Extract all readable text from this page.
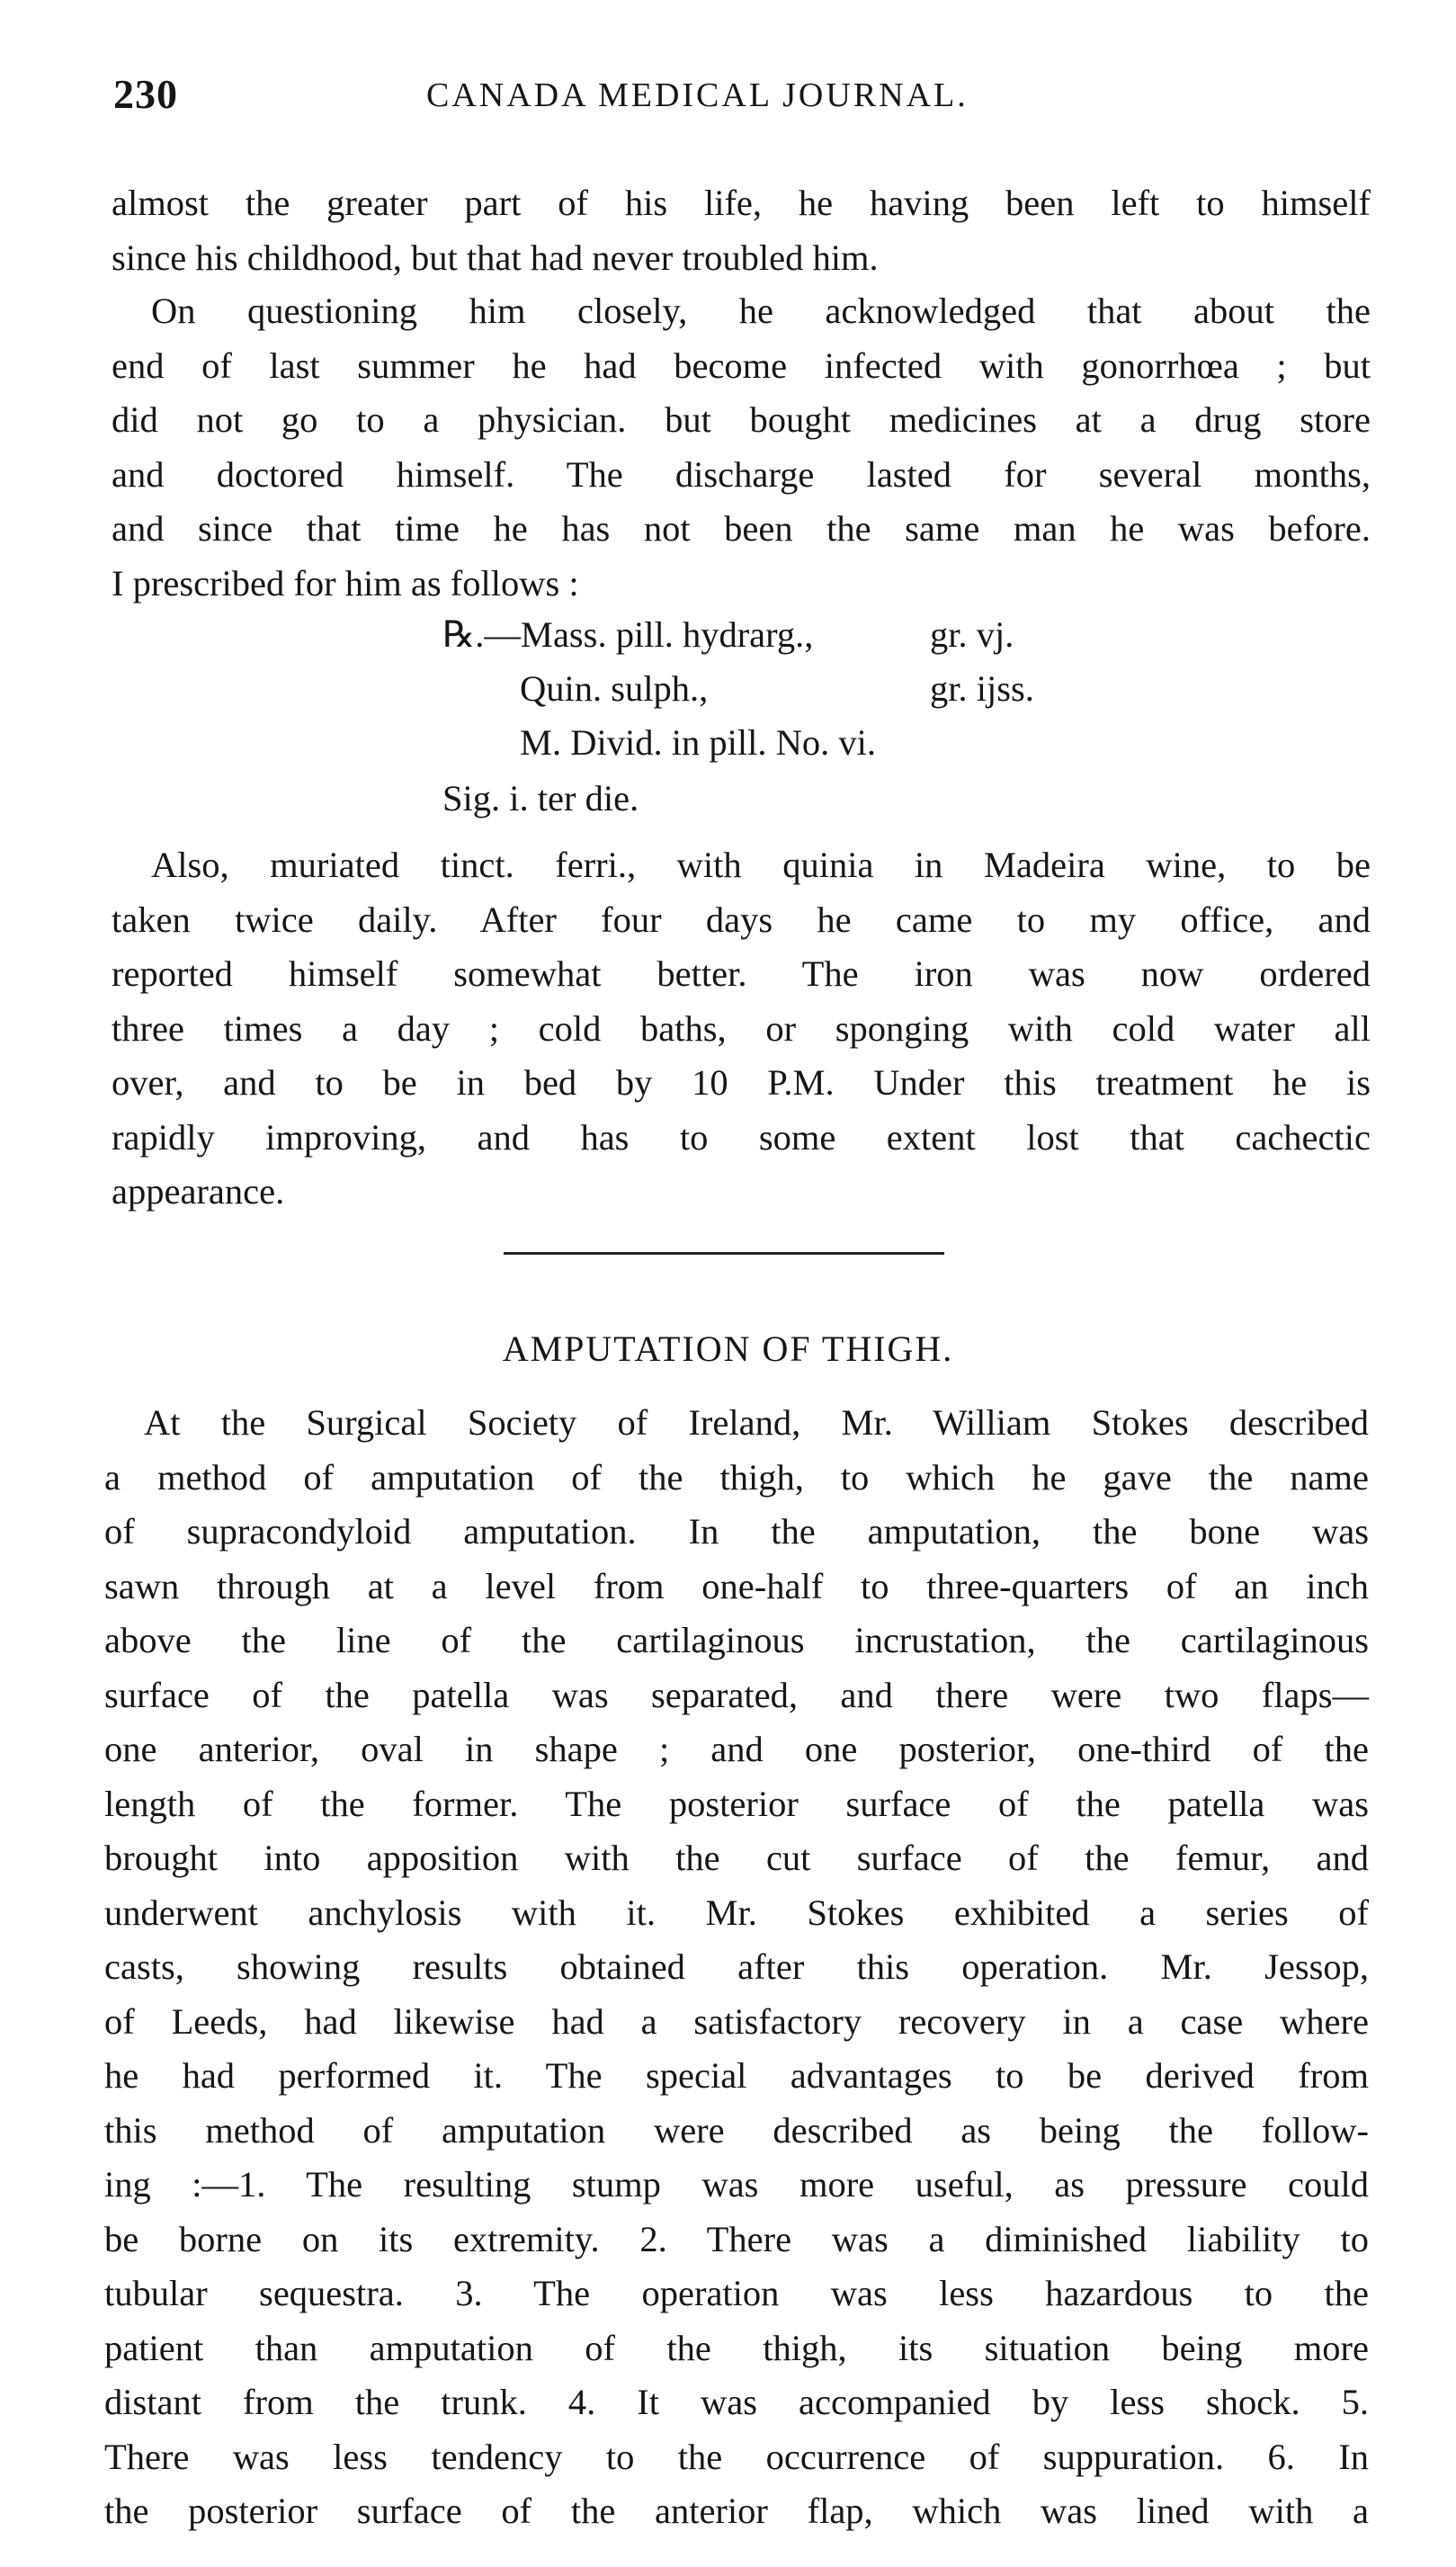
230	CANADA MEDICAL JOURNAL.

almost the greater part of his life, he having been left to himself
since his childhood, but that had never troubled him.

On questioning him closely, he acknowledged that about the
end of last summer he had become infected with gonorrhœa ; but
did not go to a physician. but bought medicines at a drug store
and doctored himself. The discharge lasted for several months,
and since that time he has not been the same man he was before.
I prescribed for him as follows :

℞.—Mass. pill. hydrarg.,	gr. vj.
Quin. sulph.,	gr. ijss.
M. Divid. in pill. No. vi.
Sig. i. ter die.

Also, muriated tinct. ferri., with quinia in Madeira wine, to be
taken twice daily. After four days he came to my office, and
reported himself somewhat better. The iron was now ordered
three times a day ; cold baths, or sponging with cold water all
over, and to be in bed by 10 P.M. Under this treatment he is
rapidly improving, and has to some extent lost that cachectic
appearance.

AMPUTATION OF THIGH.

At the Surgical Society of Ireland, Mr. William Stokes described
a method of amputation of the thigh, to which he gave the name
of supracondyloid amputation. In the amputation, the bone was
sawn through at a level from one-half to three-quarters of an inch
above the line of the cartilaginous incrustation, the cartilaginous
surface of the patella was separated, and there were two flaps—
one anterior, oval in shape ; and one posterior, one-third of the
length of the former. The posterior surface of the patella was
brought into apposition with the cut surface of the femur, and
underwent anchylosis with it. Mr. Stokes exhibited a series of
casts, showing results obtained after this operation. Mr. Jessop,
of Leeds, had likewise had a satisfactory recovery in a case where
he had performed it. The special advantages to be derived from
this method of amputation were described as being the follow-
ing :—1. The resulting stump was more useful, as pressure could
be borne on its extremity. 2. There was a diminished liability to
tubular sequestra. 3. The operation was less hazardous to the
patient than amputation of the thigh, its situation being more
distant from the trunk. 4. It was accompanied by less shock. 5.
There was less tendency to the occurrence of suppuration. 6. In
the posterior surface of the anterior flap, which was lined with a
